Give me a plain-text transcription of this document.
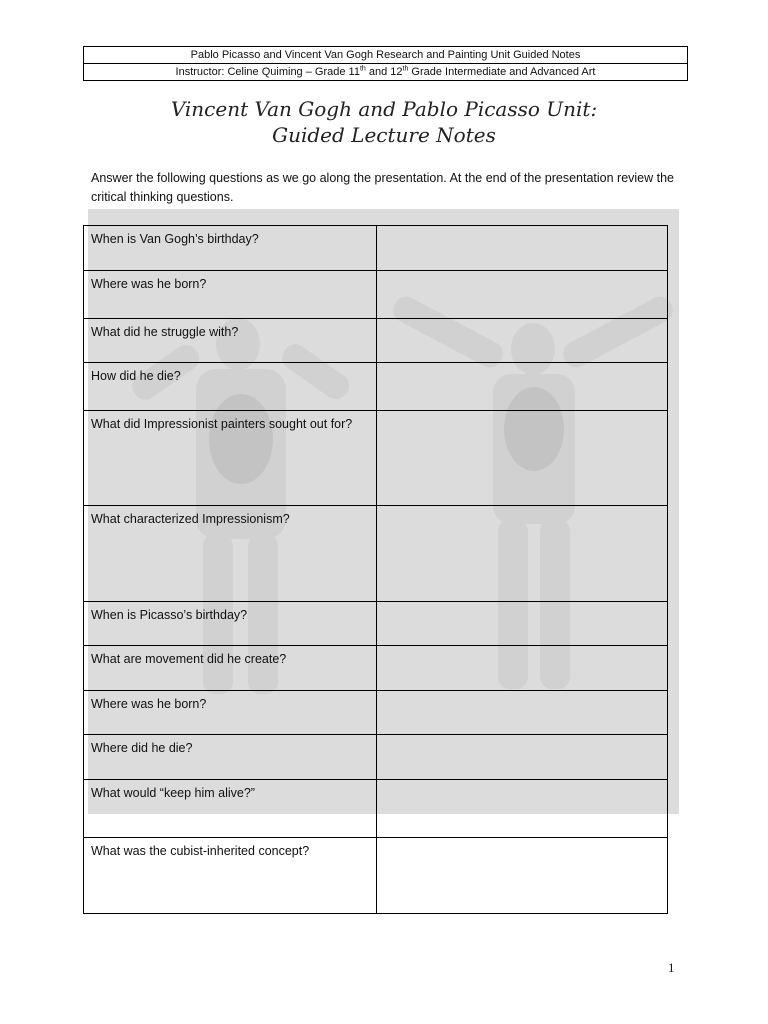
Pablo Picasso and Vincent Van Gogh Research and Painting Unit Guided Notes
Instructor: Celine Quiming – Grade 11th and 12th Grade Intermediate and Advanced Art
Vincent Van Gogh and Pablo Picasso Unit:
Guided Lecture Notes
Answer the following questions as we go along the presentation. At the end of the presentation review the critical thinking questions.
When is Van Gogh’s birthday?	
Where was he born?	
What did he struggle with?	
How did he die?	
What did Impressionist painters sought out for?	
What characterized Impressionism?	
When is Picasso’s birthday?	
What are movement did he create?	
Where was he born?	
Where did he die?	
What would “keep him alive?”	
What was the cubist-inherited concept?	
1
